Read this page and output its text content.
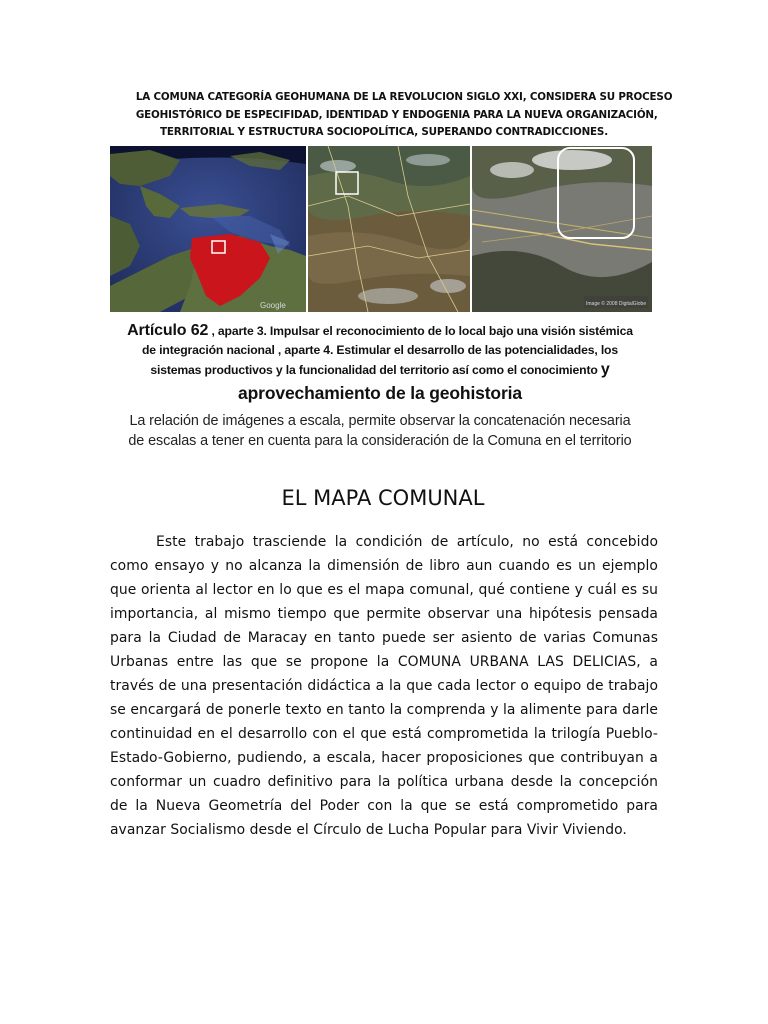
LA COMUNA CATEGORÍA GEOHUMANA DE LA REVOLUCION SIGLO XXI, CONSIDERA SU PROCESO
GEOHISTÓRICO DE ESPECIFIDAD, IDENTIDAD Y ENDOGENIA PARA LA NUEVA ORGANIZACIÓN,
TERRITORIAL Y ESTRUCTURA SOCIOPOLÍTICA, SUPERANDO CONTRADICCIONES.
Google	Image © 2008 DigitalGlobe
Artículo 62 , aparte 3. Impulsar el reconocimiento de lo local bajo una visión sistémica
de integración nacional , aparte 4. Estimular el desarrollo de las potencialidades, los
sistemas productivos y la funcionalidad del territorio así como el conocimiento y
aprovechamiento de la geohistoria
La relación de imágenes a escala, permite observar la concatenación necesaria
de escalas a tener en cuenta para la consideración de la Comuna en el territorio
EL MAPA COMUNAL

Este trabajo trasciende la condición de artículo, no está concebido como ensayo y no alcanza la dimensión de libro aun cuando es un ejemplo que orienta al lector en lo que es el mapa comunal, qué contiene y cuál es su importancia, al mismo tiempo que permite observar una hipótesis pensada para la Ciudad de Maracay en tanto puede ser asiento de varias Comunas Urbanas entre las que se propone la COMUNA URBANA LAS DELICIAS, a través de una presentación didáctica a la que cada lector o equipo de trabajo se encargará de ponerle texto en tanto la comprenda y la alimente para darle continuidad en el desarrollo con el que está comprometida la trilogía Pueblo-Estado-Gobierno, pudiendo, a escala, hacer proposiciones que contribuyan a conformar un cuadro definitivo para la política urbana desde la concepción de la Nueva Geometría del Poder con la que se está comprometido para avanzar Socialismo desde el Círculo de Lucha Popular para Vivir Viviendo.
